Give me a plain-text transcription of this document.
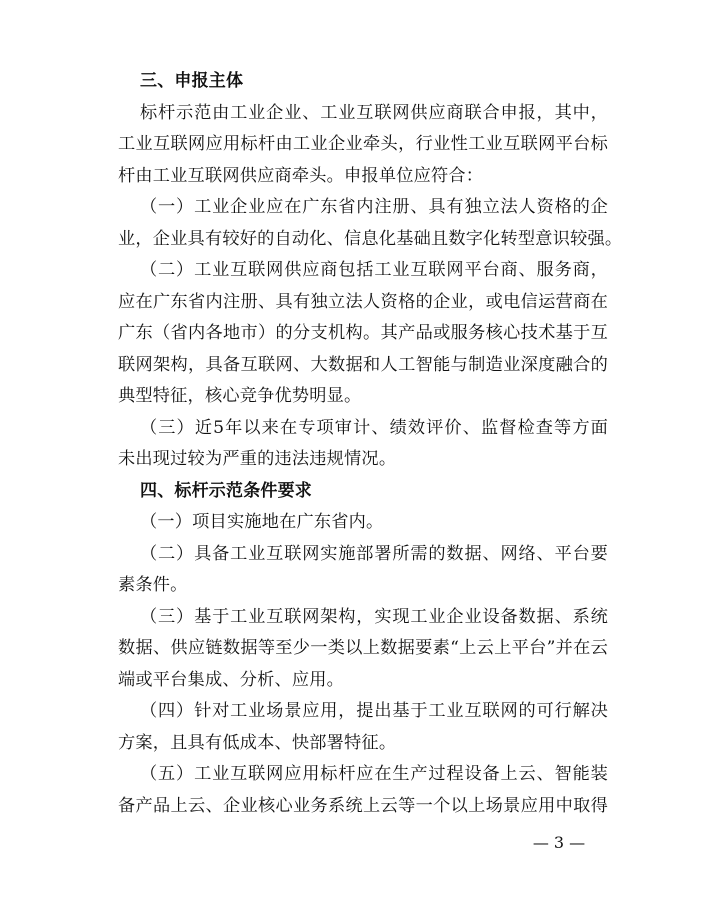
三、申报主体
标杆示范由工业企业、工业互联网供应商联合申报，其中，
工业互联网应用标杆由工业企业牵头，行业性工业互联网平台标
杆由工业互联网供应商牵头。申报单位应符合：
（一）工业企业应在广东省内注册、具有独立法人资格的企
业，企业具有较好的自动化、信息化基础且数字化转型意识较强。
（二）工业互联网供应商包括工业互联网平台商、服务商，
应在广东省内注册、具有独立法人资格的企业，或电信运营商在
广东（省内各地市）的分支机构。其产品或服务核心技术基于互
联网架构，具备互联网、大数据和人工智能与制造业深度融合的
典型特征，核心竞争优势明显。
（三）近5年以来在专项审计、绩效评价、监督检查等方面
未出现过较为严重的违法违规情况。
四、标杆示范条件要求
（一）项目实施地在广东省内。
（二）具备工业互联网实施部署所需的数据、网络、平台要
素条件。
（三）基于工业互联网架构，实现工业企业设备数据、系统
数据、供应链数据等至少一类以上数据要素“上云上平台”并在云
端或平台集成、分析、应用。
（四）针对工业场景应用，提出基于工业互联网的可行解决
方案，且具有低成本、快部署特征。
（五）工业互联网应用标杆应在生产过程设备上云、智能装
备产品上云、企业核心业务系统上云等一个以上场景应用中取得
— 3 —
